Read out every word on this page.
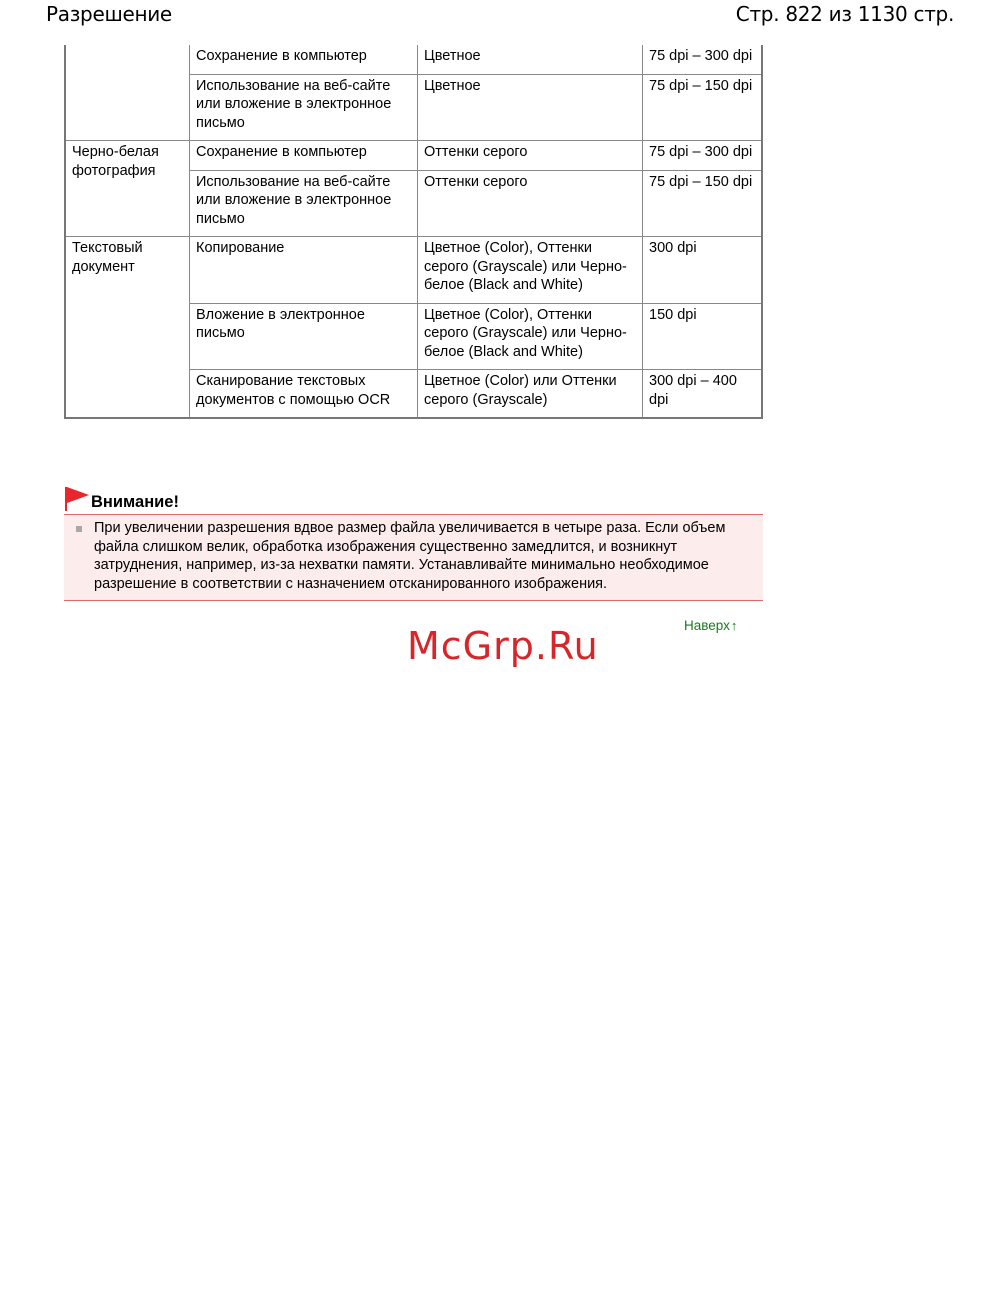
Разрешение	Стр. 822 из 1130 стр.
	Сохранение в компьютер	Цветное	75 dpi – 300 dpi
	Использование на веб-сайте или вложение в электронное письмо	Цветное	75 dpi – 150 dpi
Черно-белая фотография	Сохранение в компьютер	Оттенки серого	75 dpi – 300 dpi
	Использование на веб-сайте или вложение в электронное письмо	Оттенки серого	75 dpi – 150 dpi
Текстовый документ	Копирование	Цветное (Color), Оттенки серого (Grayscale) или Черно-белое (Black and White)	300 dpi
	Вложение в электронное письмо	Цветное (Color), Оттенки серого (Grayscale) или Черно-белое (Black and White)	150 dpi
	Сканирование текстовых документов с помощью OCR	Цветное (Color) или Оттенки серого (Grayscale)	300 dpi – 400 dpi
Внимание!
При увеличении разрешения вдвое размер файла увеличивается в четыре раза. Если объем файла слишком велик, обработка изображения существенно замедлится, и возникнут затруднения, например, из-за нехватки памяти. Устанавливайте минимально необходимое разрешение в соответствии с назначением отсканированного изображения.
Наверх↑
McGrp.Ru
